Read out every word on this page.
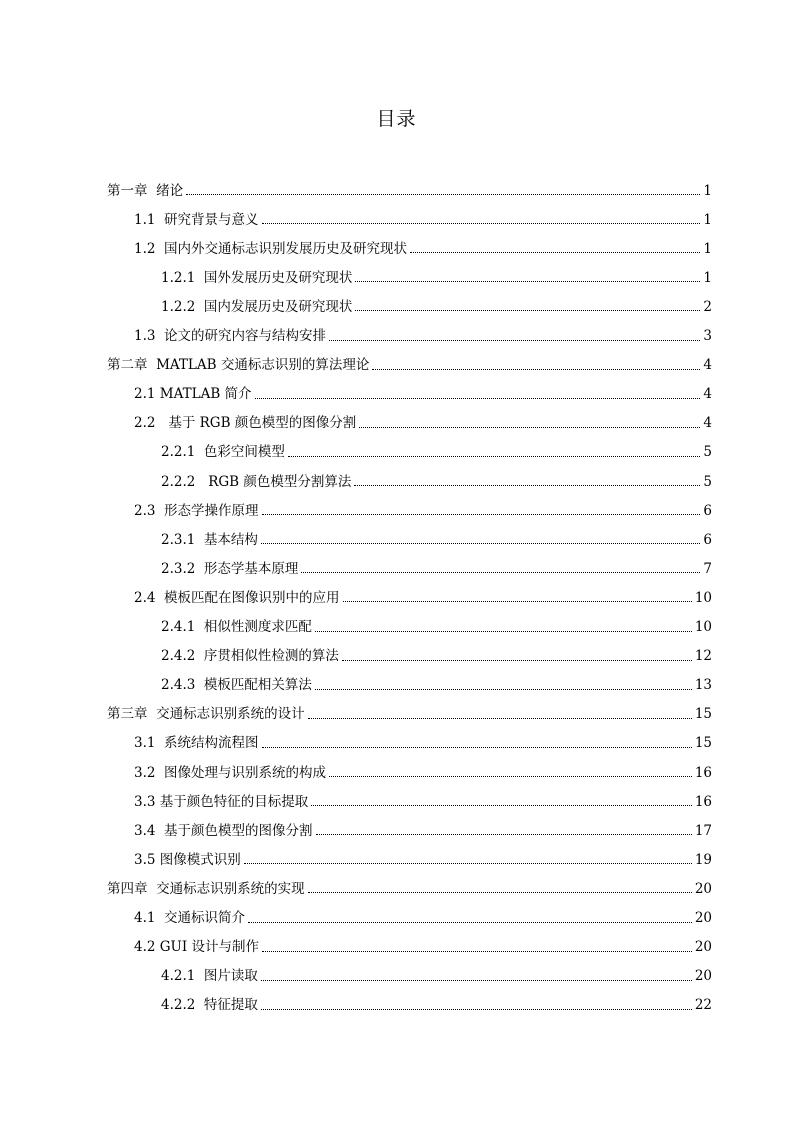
目录
第一章  绪论	1
1.1  研究背景与意义	1
1.2  国内外交通标志识别发展历史及研究现状	1
1.2.1  国外发展历史及研究现状	1
1.2.2  国内发展历史及研究现状	2
1.3  论文的研究内容与结构安排	3
第二章  MATLAB 交通标志识别的算法理论	4
2.1 MATLAB 简介	4
2.2   基于 RGB 颜色模型的图像分割	4
2.2.1  色彩空间模型	5
2.2.2   RGB 颜色模型分割算法	5
2.3  形态学操作原理	6
2.3.1  基本结构	6
2.3.2  形态学基本原理	7
2.4  模板匹配在图像识别中的应用	10
2.4.1  相似性测度求匹配	10
2.4.2  序贯相似性检测的算法	12
2.4.3  模板匹配相关算法	13
第三章  交通标志识别系统的设计	15
3.1  系统结构流程图	15
3.2  图像处理与识别系统的构成	16
3.3 基于颜色特征的目标提取	16
3.4  基于颜色模型的图像分割	17
3.5 图像模式识别	19
第四章  交通标志识别系统的实现	20
4.1  交通标识简介	20
4.2 GUI 设计与制作	20
4.2.1  图片读取	20
4.2.2  特征提取	22
